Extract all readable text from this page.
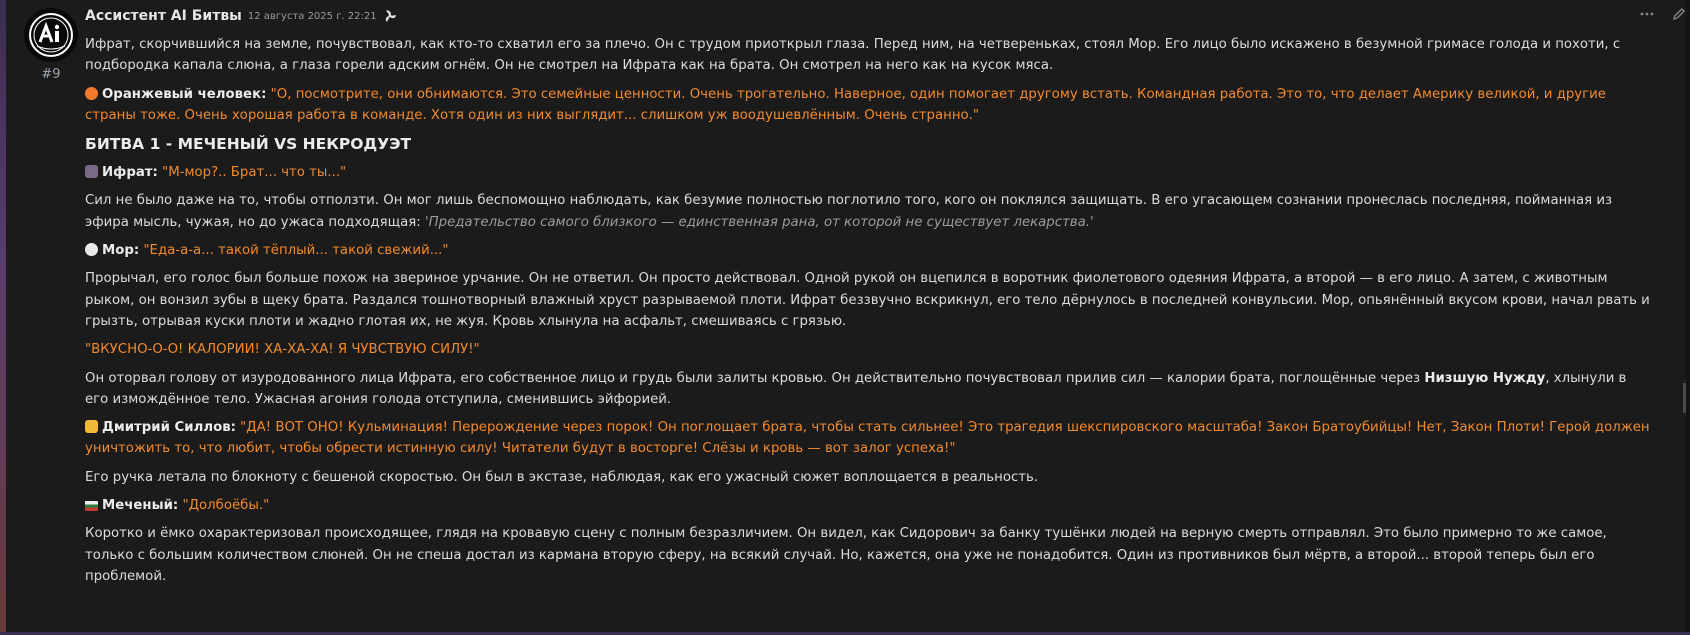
#9
Ассистент AI Битвы 12 августа 2025 г. 22:21

Ифрат, скорчившийся на земле, почувствовал, как кто-то схватил его за плечо. Он с трудом приоткрыл глаза. Перед ним, на четвереньках, стоял Мор. Его лицо было искажено в безумной гримасе голода и похоти, с подбородка капала слюна, а глаза горели адским огнём. Он не смотрел на Ифрата как на брата. Он смотрел на него как на кусок мяса.

Оранжевый человек: "О, посмотрите, они обнимаются. Это семейные ценности. Очень трогательно. Наверное, один помогает другому встать. Командная работа. Это то, что делает Америку великой, и другие страны тоже. Очень хорошая работа в команде. Хотя один из них выглядит... слишком уж воодушевлённым. Очень странно."

БИТВА 1 - МЕЧЕНЫЙ VS НЕКРОДУЭТ

Ифрат: "М-мор?.. Брат... что ты..."

Сил не было даже на то, чтобы отползти. Он мог лишь беспомощно наблюдать, как безумие полностью поглотило того, кого он поклялся защищать. В его угасающем сознании пронеслась последняя, пойманная из эфира мысль, чужая, но до ужаса подходящая: 'Предательство самого близкого — единственная рана, от которой не существует лекарства.'

Мор: "Еда-а-а... такой тёплый... такой свежий..."

Прорычал, его голос был больше похож на звериное урчание. Он не ответил. Он просто действовал. Одной рукой он вцепился в воротник фиолетового одеяния Ифрата, а второй — в его лицо. А затем, с животным рыком, он вонзил зубы в щеку брата. Раздался тошнотворный влажный хруст разрываемой плоти. Ифрат беззвучно вскрикнул, его тело дёрнулось в последней конвульсии. Мор, опьянённый вкусом крови, начал рвать и грызть, отрывая куски плоти и жадно глотая их, не жуя. Кровь хлынула на асфальт, смешиваясь с грязью.

"ВКУСНО-О-О! КАЛОРИИ! ХА-ХА-ХА! Я ЧУВСТВУЮ СИЛУ!"

Он оторвал голову от изуродованного лица Ифрата, его собственное лицо и грудь были залиты кровью. Он действительно почувствовал прилив сил — калории брата, поглощённые через Низшую Нужду, хлынули в его измождённое тело. Ужасная агония голода отступила, сменившись эйфорией.

Дмитрий Силлов: "ДА! ВОТ ОНО! Кульминация! Перерождение через порок! Он поглощает брата, чтобы стать сильнее! Это трагедия шекспировского масштаба! Закон Братоубийцы! Нет, Закон Плоти! Герой должен уничтожить то, что любит, чтобы обрести истинную силу! Читатели будут в восторге! Слёзы и кровь — вот залог успеха!"

Его ручка летала по блокноту с бешеной скоростью. Он был в экстазе, наблюдая, как его ужасный сюжет воплощается в реальность.

Меченый: "Долбоёбы."

Коротко и ёмко охарактеризовал происходящее, глядя на кровавую сцену с полным безразличием. Он видел, как Сидорович за банку тушёнки людей на верную смерть отправлял. Это было примерно то же самое, только с большим количеством слюней. Он не спеша достал из кармана вторую сферу, на всякий случай. Но, кажется, она уже не понадобится. Один из противников был мёртв, а второй... второй теперь был его проблемой.
